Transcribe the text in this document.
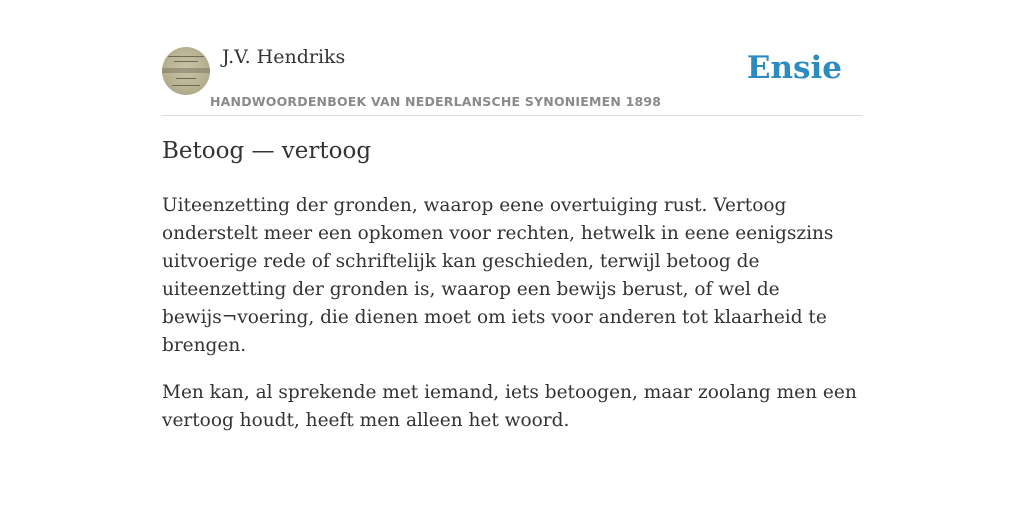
J.V. Hendriks
HANDWOORDENBOEK VAN NEDERLANSCHE SYNONIEMEN 1898
Ensie
Betoog — vertoog

Uiteenzetting der gronden, waarop eene overtuiging rust. Vertoog onderstelt meer een opkomen voor rechten, hetwelk in eene eenigszins uitvoerige rede of schriftelijk kan geschieden, terwijl betoog de uiteenzetting der gronden is, waarop een bewijs berust, of wel de bewijs¬voering, die dienen moet om iets voor anderen tot klaarheid te brengen.

Men kan, al sprekende met iemand, iets betoogen, maar zoolang men een vertoog houdt, heeft men alleen het woord.
